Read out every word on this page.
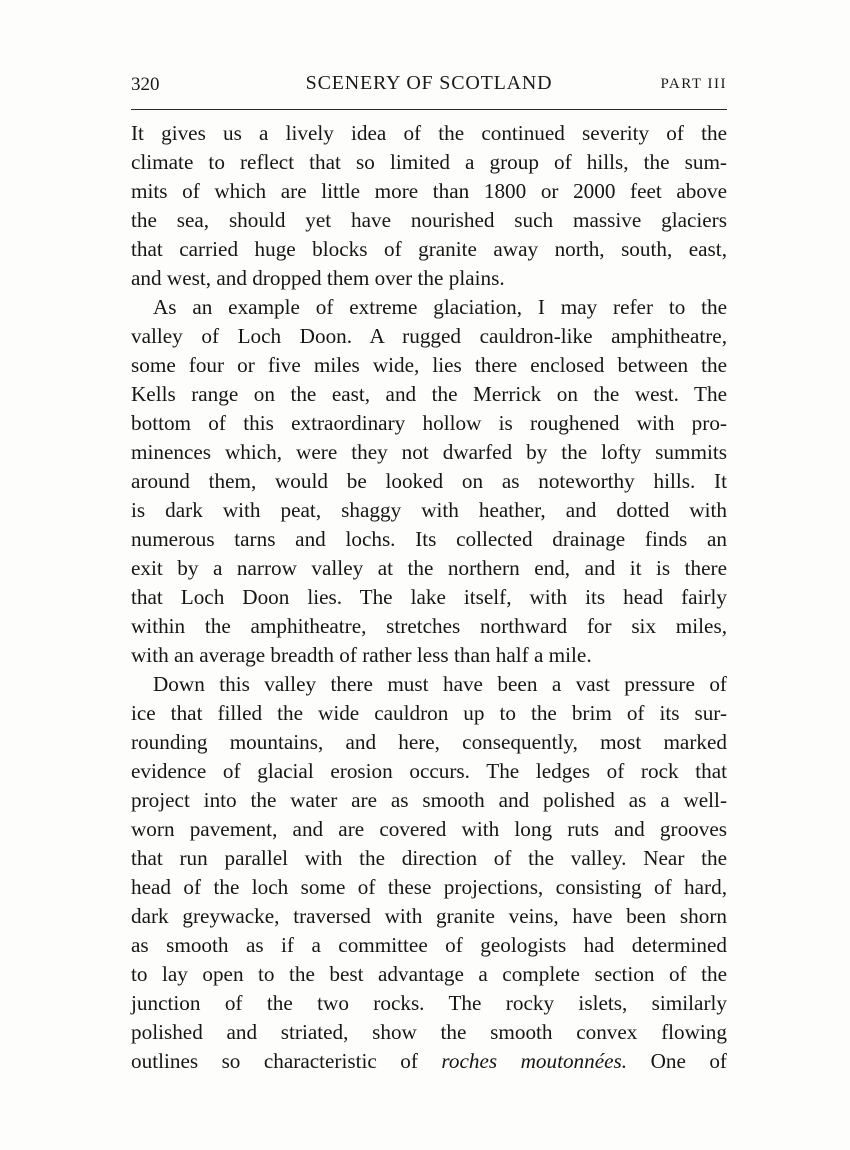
320	SCENERY OF SCOTLAND	PART III
It gives us a lively idea of the continued severity of the
climate to reflect that so limited a group of hills, the sum-
mits of which are little more than 1800 or 2000 feet above
the sea, should yet have nourished such massive glaciers
that carried huge blocks of granite away north, south, east,
and west, and dropped them over the plains.
As an example of extreme glaciation, I may refer to the
valley of Loch Doon. A rugged cauldron-like amphitheatre,
some four or five miles wide, lies there enclosed between the
Kells range on the east, and the Merrick on the west. The
bottom of this extraordinary hollow is roughened with pro-
minences which, were they not dwarfed by the lofty summits
around them, would be looked on as noteworthy hills. It
is dark with peat, shaggy with heather, and dotted with
numerous tarns and lochs. Its collected drainage finds an
exit by a narrow valley at the northern end, and it is there
that Loch Doon lies. The lake itself, with its head fairly
within the amphitheatre, stretches northward for six miles,
with an average breadth of rather less than half a mile.
Down this valley there must have been a vast pressure of
ice that filled the wide cauldron up to the brim of its sur-
rounding mountains, and here, consequently, most marked
evidence of glacial erosion occurs. The ledges of rock that
project into the water are as smooth and polished as a well-
worn pavement, and are covered with long ruts and grooves
that run parallel with the direction of the valley. Near the
head of the loch some of these projections, consisting of hard,
dark greywacke, traversed with granite veins, have been shorn
as smooth as if a committee of geologists had determined
to lay open to the best advantage a complete section of the
junction of the two rocks. The rocky islets, similarly
polished and striated, show the smooth convex flowing
outlines so characteristic of roches moutonnées. One of
